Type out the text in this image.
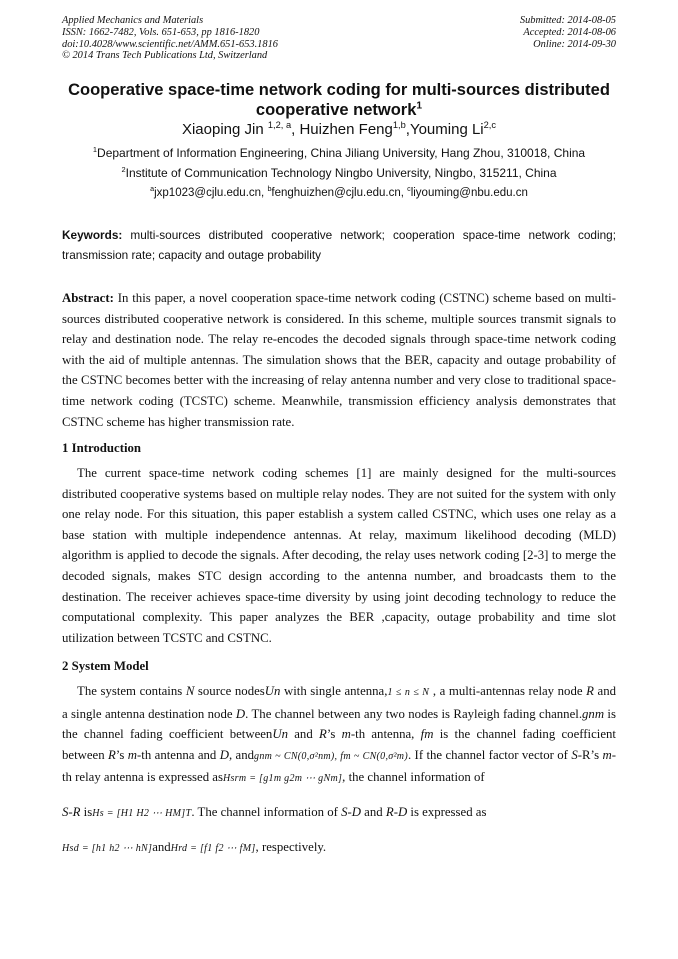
Applied Mechanics and Materials
ISSN: 1662-7482, Vols. 651-653, pp 1816-1820
doi:10.4028/www.scientific.net/AMM.651-653.1816
© 2014 Trans Tech Publications Ltd, Switzerland
Submitted: 2014-08-05
Accepted: 2014-08-06
Online: 2014-09-30
Cooperative space-time network coding for multi-sources distributed
cooperative network$^1$
Xiaoping Jin $^{1,2, a}$, Huizhen Feng$^{1,b}$,Youming Li$^{2,c}$
$^1$Department of Information Engineering, China Jiliang University, Hang Zhou, 310018, China
$^2$Institute of Communication Technology Ningbo University, Ningbo, 315211, China
$^a$jxp1023@cjlu.edu.cn, $^b$fenghuizhen@cjlu.edu.cn, $^c$liyouming@nbu.edu.cn
Keywords: multi-sources distributed cooperative network; cooperation space-time network coding; transmission rate; capacity and outage probability
Abstract: In this paper, a novel cooperation space-time network coding (CSTNC) scheme based on multi-sources distributed cooperative network is considered. In this scheme, multiple sources transmit signals to relay and destination node. The relay re-encodes the decoded signals through space-time network coding with the aid of multiple antennas. The simulation shows that the BER, capacity and outage probability of the CSTNC becomes better with the increasing of relay antenna number and very close to traditional space-time network coding (TCSTC) scheme. Meanwhile, transmission efficiency analysis demonstrates that CSTNC scheme has higher transmission rate.
1 Introduction
The current space-time network coding schemes [1] are mainly designed for the multi-sources distributed cooperative systems based on multiple relay nodes. They are not suited for the system with only one relay node. For this situation, this paper establish a system called CSTNC, which uses one relay as a base station with multiple independence antennas. At relay, maximum likelihood decoding (MLD) algorithm is applied to decode the signals. After decoding, the relay uses network coding [2-3] to merge the decoded signals, makes STC design according to the antenna number, and broadcasts them to the destination. The receiver achieves space-time diversity by using joint decoding technology to reduce the computational complexity. This paper analyzes the BER ,capacity, outage probability and time slot utilization between TCSTC and CSTNC.
2 System Model

The system contains N source nodesUn with single antenna,1 ≤ n ≤ N , a multi-antennas relay node R and a single antenna destination node D. The channel between any two nodes is Rayleigh fading channel.gnm is the channel fading coefficient betweenUn and R’s m-th antenna, fm is the channel fading coefficient between R’s m-th antenna and D, andgnm ~ CN(0,σ²nm), fm ~ CN(0,σ²m). If the channel factor vector of S-R’s m-th relay antenna is expressed asHsrm = [g1m g2m ⋯ gNm], the channel information of
S-R isHs = [H1 H2 ⋯ HM]T. The channel information of S-D and R-D is expressed as
Hsd = [h1 h2 ⋯ hN]andHrd = [f1 f2 ⋯ fM], respectively.
